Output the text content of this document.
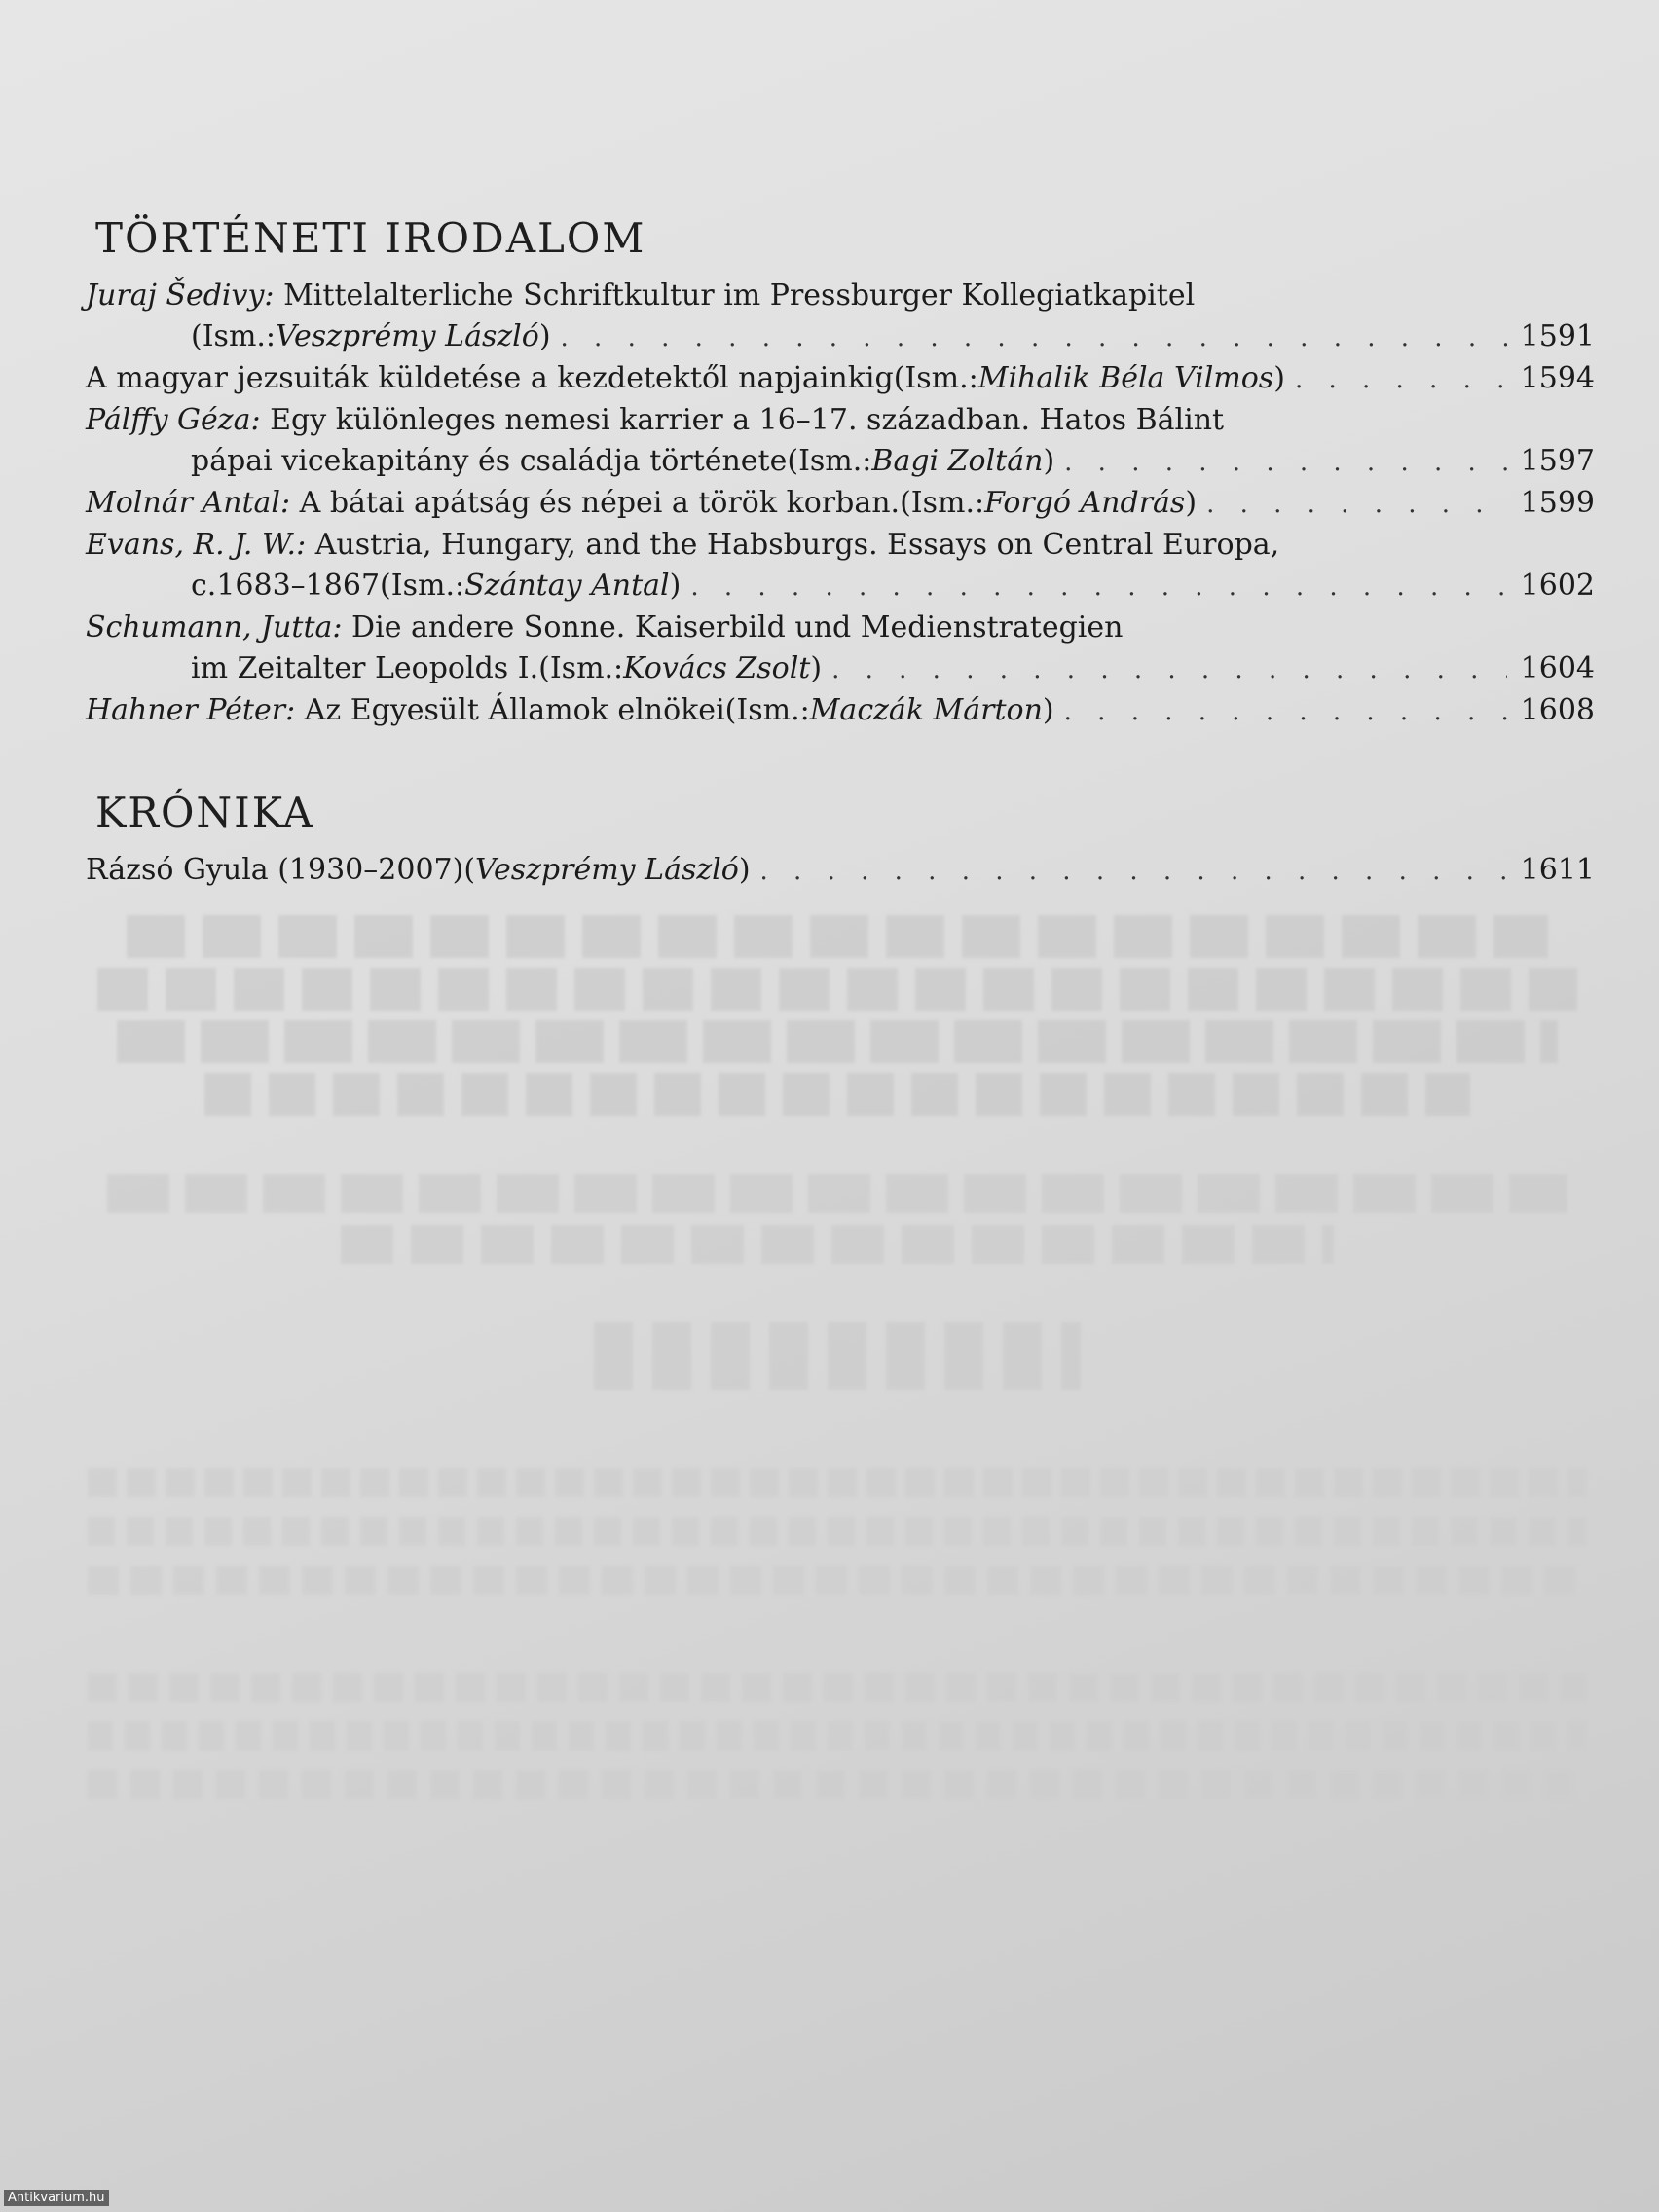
TÖRTÉNETI IRODALOM
Juraj Šedivy:
Mittelalterliche Schriftkultur im Pressburger Kollegiatkapitel
(Ism.: Veszprémy László ) . . .	1591
A magyar jezsuiták küldetése a kezdetektől napjainkig (Ism.: Mihalik Béla Vilmos ) . . .	1594
Pálffy Géza:
Egy különleges nemesi karrier a 16–17. században. Hatos Bálint
pápai vicekapitány és családja története (Ism.: Bagi Zoltán ) . . .	1597
Molnár Antal:
A bátai apátság és népei a török korban. (Ism.: Forgó András ) . . .	1599
Evans, R. J. W.:
Austria, Hungary, and the Habsburgs. Essays on Central Europa,
c.1683–1867 (Ism.: Szántay Antal ) . . .	1602
Schumann, Jutta:
Die andere Sonne. Kaiserbild und Medienstrategien
im Zeitalter Leopolds I. (Ism.: Kovács Zsolt ) . . .	1604
Hahner Péter:
Az Egyesült Államok elnökei (Ism.: Maczák Márton ) . . .	1608
KRÓNIKA
Rázsó Gyula (1930–2007) ( Veszprémy László ) . . .	1611
Antikvarium.hu
